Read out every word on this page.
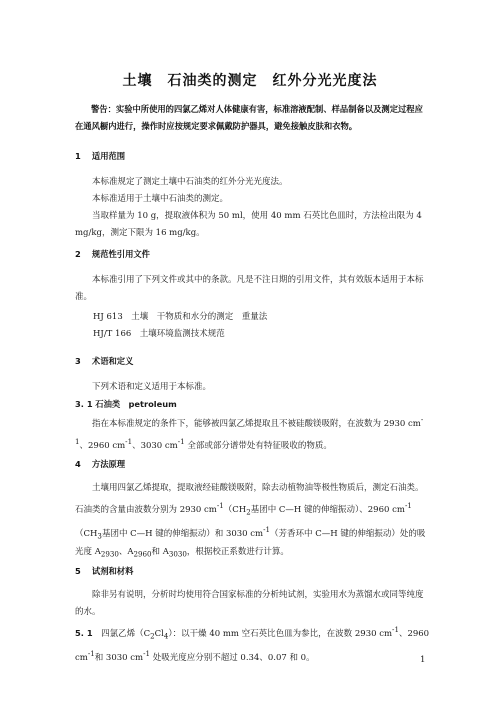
土壤　石油类的测定　红外分光光度法
警告：实验中所使用的四氯乙烯对人体健康有害，标准溶液配制、样品制备以及测定过程应在通风橱内进行，操作时应按规定要求佩戴防护器具，避免接触皮肤和衣物。
1 适用范围
本标准规定了测定土壤中石油类的红外分光光度法。
本标准适用于土壤中石油类的测定。
当取样量为 10 g，提取液体积为 50 ml，使用 40 mm 石英比色皿时，方法检出限为 4 mg/kg，测定下限为 16 mg/kg。
2 规范性引用文件
本标准引用了下列文件或其中的条款。凡是不注日期的引用文件，其有效版本适用于本标准。
HJ 613　土壤　干物质和水分的测定　重量法
HJ/T 166　土壤环境监测技术规范
3 术语和定义
下列术语和定义适用于本标准。
3. 1 石油类　petroleum
指在本标准规定的条件下，能够被四氯乙烯提取且不被硅酸镁吸附，在波数为 2930 $cm^{-1}$、2960 $cm^{-1}$、3030 $cm^{-1}$ 全部或部分谱带处有特征吸收的物质。
4 方法原理
土壤用四氯乙烯提取，提取液经硅酸镁吸附，除去动植物油等极性物质后，测定石油类。石油类的含量由波数分别为 2930 $cm^{-1}(CH_2$基团中 C—H 键的伸缩振动）、2960 $cm^{-1}(CH_3$基团中 C—H 键的伸缩振动）和 3030 $cm^{-1}$（芳香环中 C—H 键的伸缩振动）处的吸光度 $A_{2930}$、$A_{2960}$和 $A_{3030}$，根据校正系数进行计算。
5 试剂和材料
除非另有说明，分析时均使用符合国家标准的分析纯试剂，实验用水为蒸馏水或同等纯度的水。
5. 1　 四氯乙烯$(C_2Cl_4)$：以干燥 40 mm 空石英比色皿为参比，在波数 2930 $cm^{-1}$、2960 $cm^{-1}$和 3030 $cm^{-1}$ 处吸光度应分别不超过 0.34、0.07 和 0。	1
